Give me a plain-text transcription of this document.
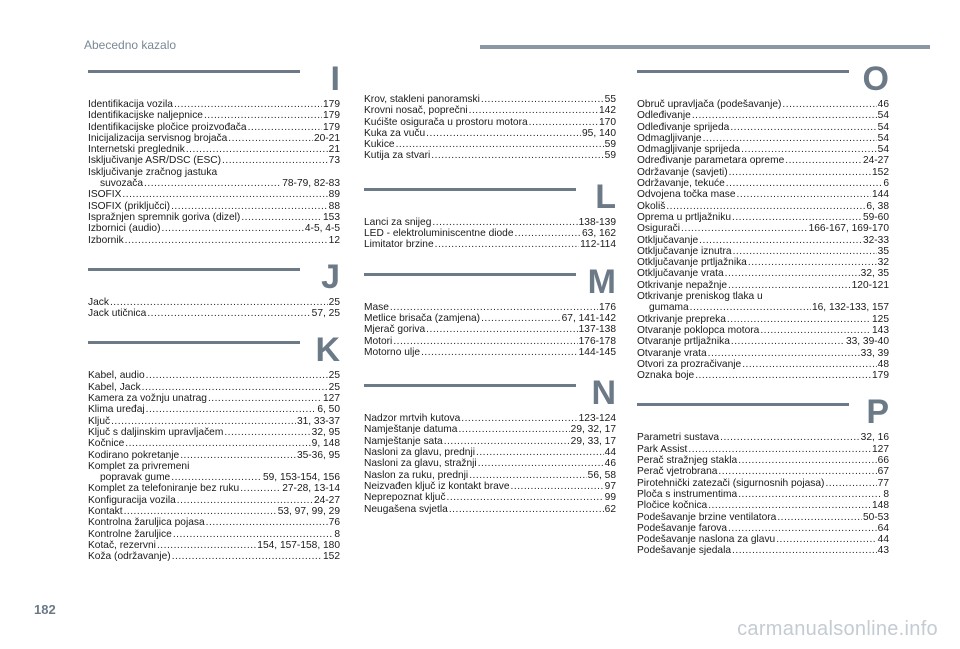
Abecedno kazalo
182
carmanualsonline.info
I
Identifikacija vozila .....	179
Identifikacijske naljepnice .....	179
Identifikacijske pločice proizvođača .....	179
Inicijalizacija servisnog brojača .....	20-21
Internetski preglednik .....	21
Isključivanje ASR/DSC (ESC) .....	73
Isključivanje zračnog jastuka
suvozača .....	78-79, 82-83
ISOFIX .....	89
ISOFIX (priključci) .....	88
Ispražnjen spremnik goriva (dizel) .....	153
Izbornici (audio) .....	4-5, 4-5
Izbornik .....	12
J
Jack .....	25
Jack utičnica .....	57, 25
K
Kabel, audio .....	25
Kabel, Jack .....	25
Kamera za vožnju unatrag .....	127
Klima uređaj .....	6, 50
Ključ .....	31, 33-37
Ključ s daljinskim upravljačem .....	32, 95
Kočnice .....	9, 148
Kodirano pokretanje .....	35-36, 95
Komplet za privremeni
popravak gume .....	59, 153-154, 156
Komplet za telefoniranje bez ruku .....	27-28, 13-14
Konfiguracija vozila .....	24-27
Kontakt .....	53, 97, 99, 29
Kontrolna žaruljica pojasa .....	76
Kontrolne žaruljice .....	8
Kotač, rezervni .....	154, 157-158, 180
Koža (održavanje) .....	152
Krov, stakleni panoramski .....	55
Krovni nosač, poprečni .....	142
Kućište osigurača u prostoru motora .....	170
Kuka za vuču .....	95, 140
Kukice .....	59
Kutija za stvari .....	59
L
Lanci za snijeg .....	138-139
LED - elektroluminiscentne diode .....	63, 162
Limitator brzine .....	112-114
M
Mase .....	176
Metlice brisača (zamjena) .....	67, 141-142
Mjerač goriva .....	137-138
Motori .....	176-178
Motorno ulje .....	144-145
N
Nadzor mrtvih kutova .....	123-124
Namještanje datuma .....	29, 32, 17
Namještanje sata .....	29, 33, 17
Nasloni za glavu, prednji .....	44
Nasloni za glavu, stražnji .....	46
Naslon za ruku, prednji .....	56, 58
Neizvađen ključ iz kontakt brave .....	97
Neprepoznat ključ .....	99
Neugašena svjetla .....	62
O
Obruč upravljača (podešavanje) .....	46
Odleđivanje .....	54
Odleđivanje sprijeda .....	54
Odmagljivanje .....	54
Odmagljivanje sprijeda .....	54
Određivanje parametara opreme .....	24-27
Održavanje (savjeti) .....	152
Održavanje, tekuće .....	6
Odvojena točka mase .....	144
Okoliš .....	6, 38
Oprema u prtljažniku .....	59-60
Osigurači .....	166-167, 169-170
Otključavanje .....	32-33
Otključavanje iznutra .....	35
Otključavanje prtljažnika .....	32
Otključavanje vrata .....	32, 35
Otkrivanje nepažnje .....	120-121
Otkrivanje preniskog tlaka u
gumama .....	16, 132-133, 157
Otkrivanje prepreka .....	125
Otvaranje poklopca motora .....	143
Otvaranje prtljažnika .....	33, 39-40
Otvaranje vrata .....	33, 39
Otvori za prozračivanje .....	48
Oznaka boje .....	179
P
Parametri sustava .....	32, 16
Park Assist .....	127
Perač stražnjeg stakla .....	66
Perač vjetrobrana .....	67
Pirotehnički zatezači (sigurnosnih pojasa) .....	77
Ploča s instrumentima .....	8
Pločice kočnica .....	148
Podešavanje brzine ventilatora .....	50-53
Podešavanje farova .....	64
Podešavanje naslona za glavu .....	44
Podešavanje sjedala .....	43
